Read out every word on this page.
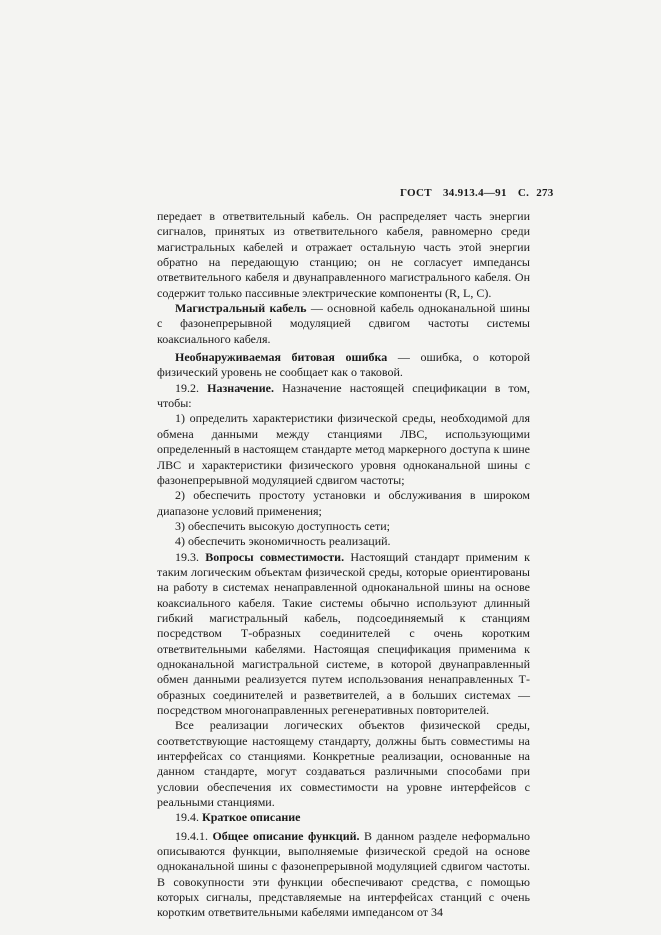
ГОСТ 34.913.4—91 С. 273

передает в ответвительный кабель. Он распределяет часть энергии сигналов, принятых из ответвительного кабеля, равномерно среди магистральных кабелей и отражает остальную часть этой энергии обратно на передающую станцию; он не согласует импедансы ответвительного кабеля и двунаправленного магистрального кабеля. Он содержит только пассивные электрические компоненты (R, L, C).

Магистральный кабель — основной кабель одноканальной шины с фазонепрерывной модуляцией сдвигом частоты системы коаксиального кабеля.

Необнаруживаемая битовая ошибка — ошибка, о которой физический уровень не сообщает как о таковой.

19.2. Назначение. Назначение настоящей спецификации в том, чтобы:

1) определить характеристики физической среды, необходимой для обмена данными между станциями ЛВС, использующими определенный в настоящем стандарте метод маркерного доступа к шине ЛВС и характеристики физического уровня одноканальной шины с фазонепрерывной модуляцией сдвигом частоты;

2) обеспечить простоту установки и обслуживания в широком диапазоне условий применения;

3) обеспечить высокую доступность сети;

4) обеспечить экономичность реализаций.

19.3. Вопросы совместимости. Настоящий стандарт применим к таким логическим объектам физической среды, которые ориентированы на работу в системах ненаправленной одноканальной шины на основе коаксиального кабеля. Такие системы обычно используют длинный гибкий магистральный кабель, подсоединяемый к станциям посредством Т-образных соединителей с очень коротким ответвительными кабелями. Настоящая спецификация применима к одноканальной магистральной системе, в которой двунаправленный обмен данными реализуется путем использования ненаправленных Т-образных соединителей и разветвителей, а в больших системах — посредством многонаправленных регенеративных повторителей.

Все реализации логических объектов физической среды, соответствующие настоящему стандарту, должны быть совместимы на интерфейсах со станциями. Конкретные реализации, основанные на данном стандарте, могут создаваться различными способами при условии обеспечения их совместимости на уровне интерфейсов с реальными станциями.

19.4. Краткое описание

19.4.1. Общее описание функций. В данном разделе неформально описываются функции, выполняемые физической средой на основе одноканальной шины с фазонепрерывной модуляцией сдвигом частоты. В совокупности эти функции обеспечивают средства, с помощью которых сигналы, представляемые на интерфейсах станций с очень коротким ответвительными кабелями импедансом от 34
